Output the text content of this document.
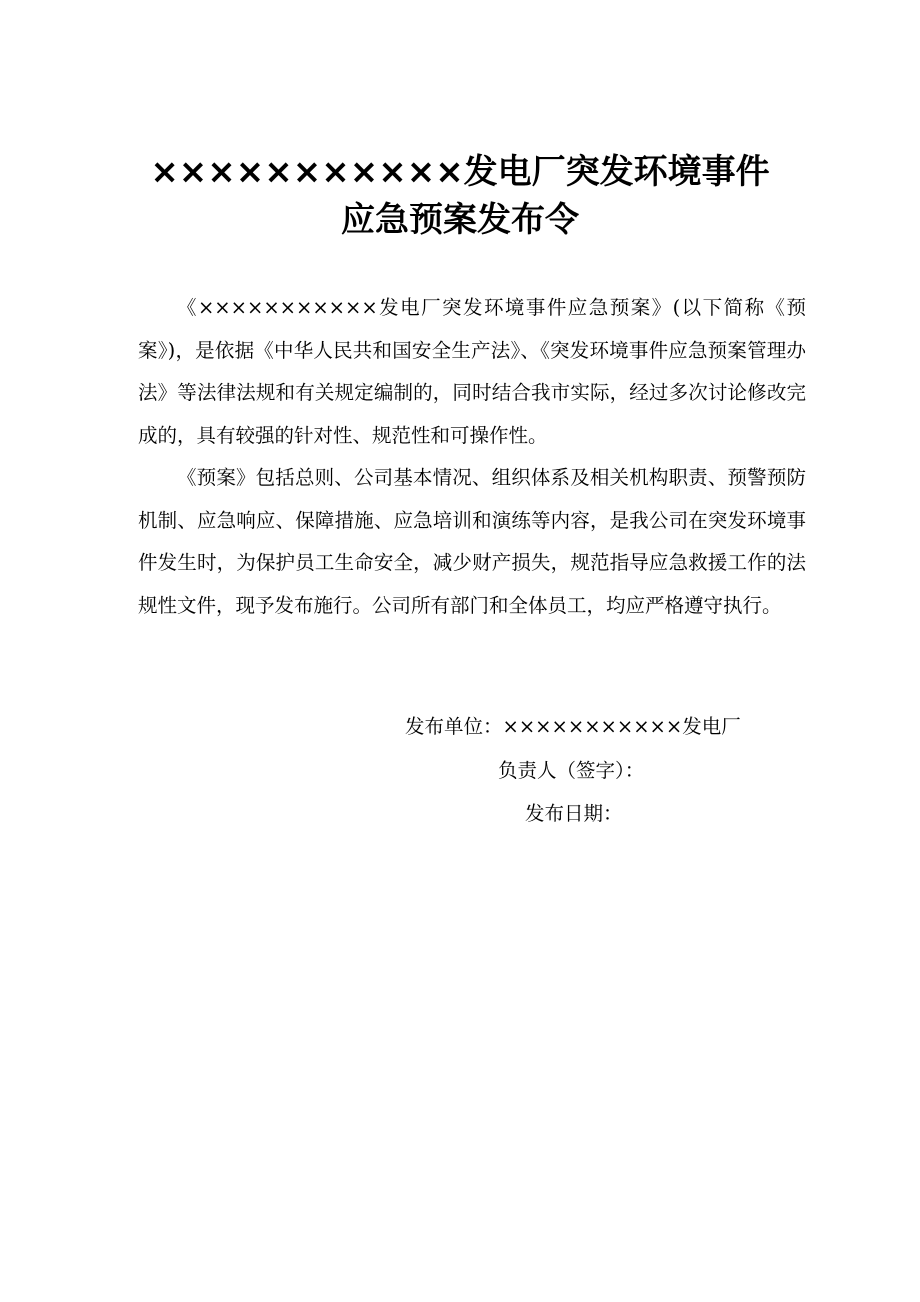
×××××××××××发电厂突发环境事件
应急预案发布令

《×××××××××××发电厂突发环境事件应急预案》(以下简称《预案》)，是依据《中华人民共和国安全生产法》、《突发环境事件应急预案管理办法》等法律法规和有关规定编制的，同时结合我市实际，经过多次讨论修改完成的，具有较强的针对性、规范性和可操作性。

《预案》包括总则、公司基本情况、组织体系及相关机构职责、预警预防机制、应急响应、保障措施、应急培训和演练等内容，是我公司在突发环境事件发生时，为保护员工生命安全，减少财产损失，规范指导应急救援工作的法规性文件，现予发布施行。公司所有部门和全体员工，均应严格遵守执行。

发布单位：×××××××××××发电厂
负责人（签字）：
发布日期：
